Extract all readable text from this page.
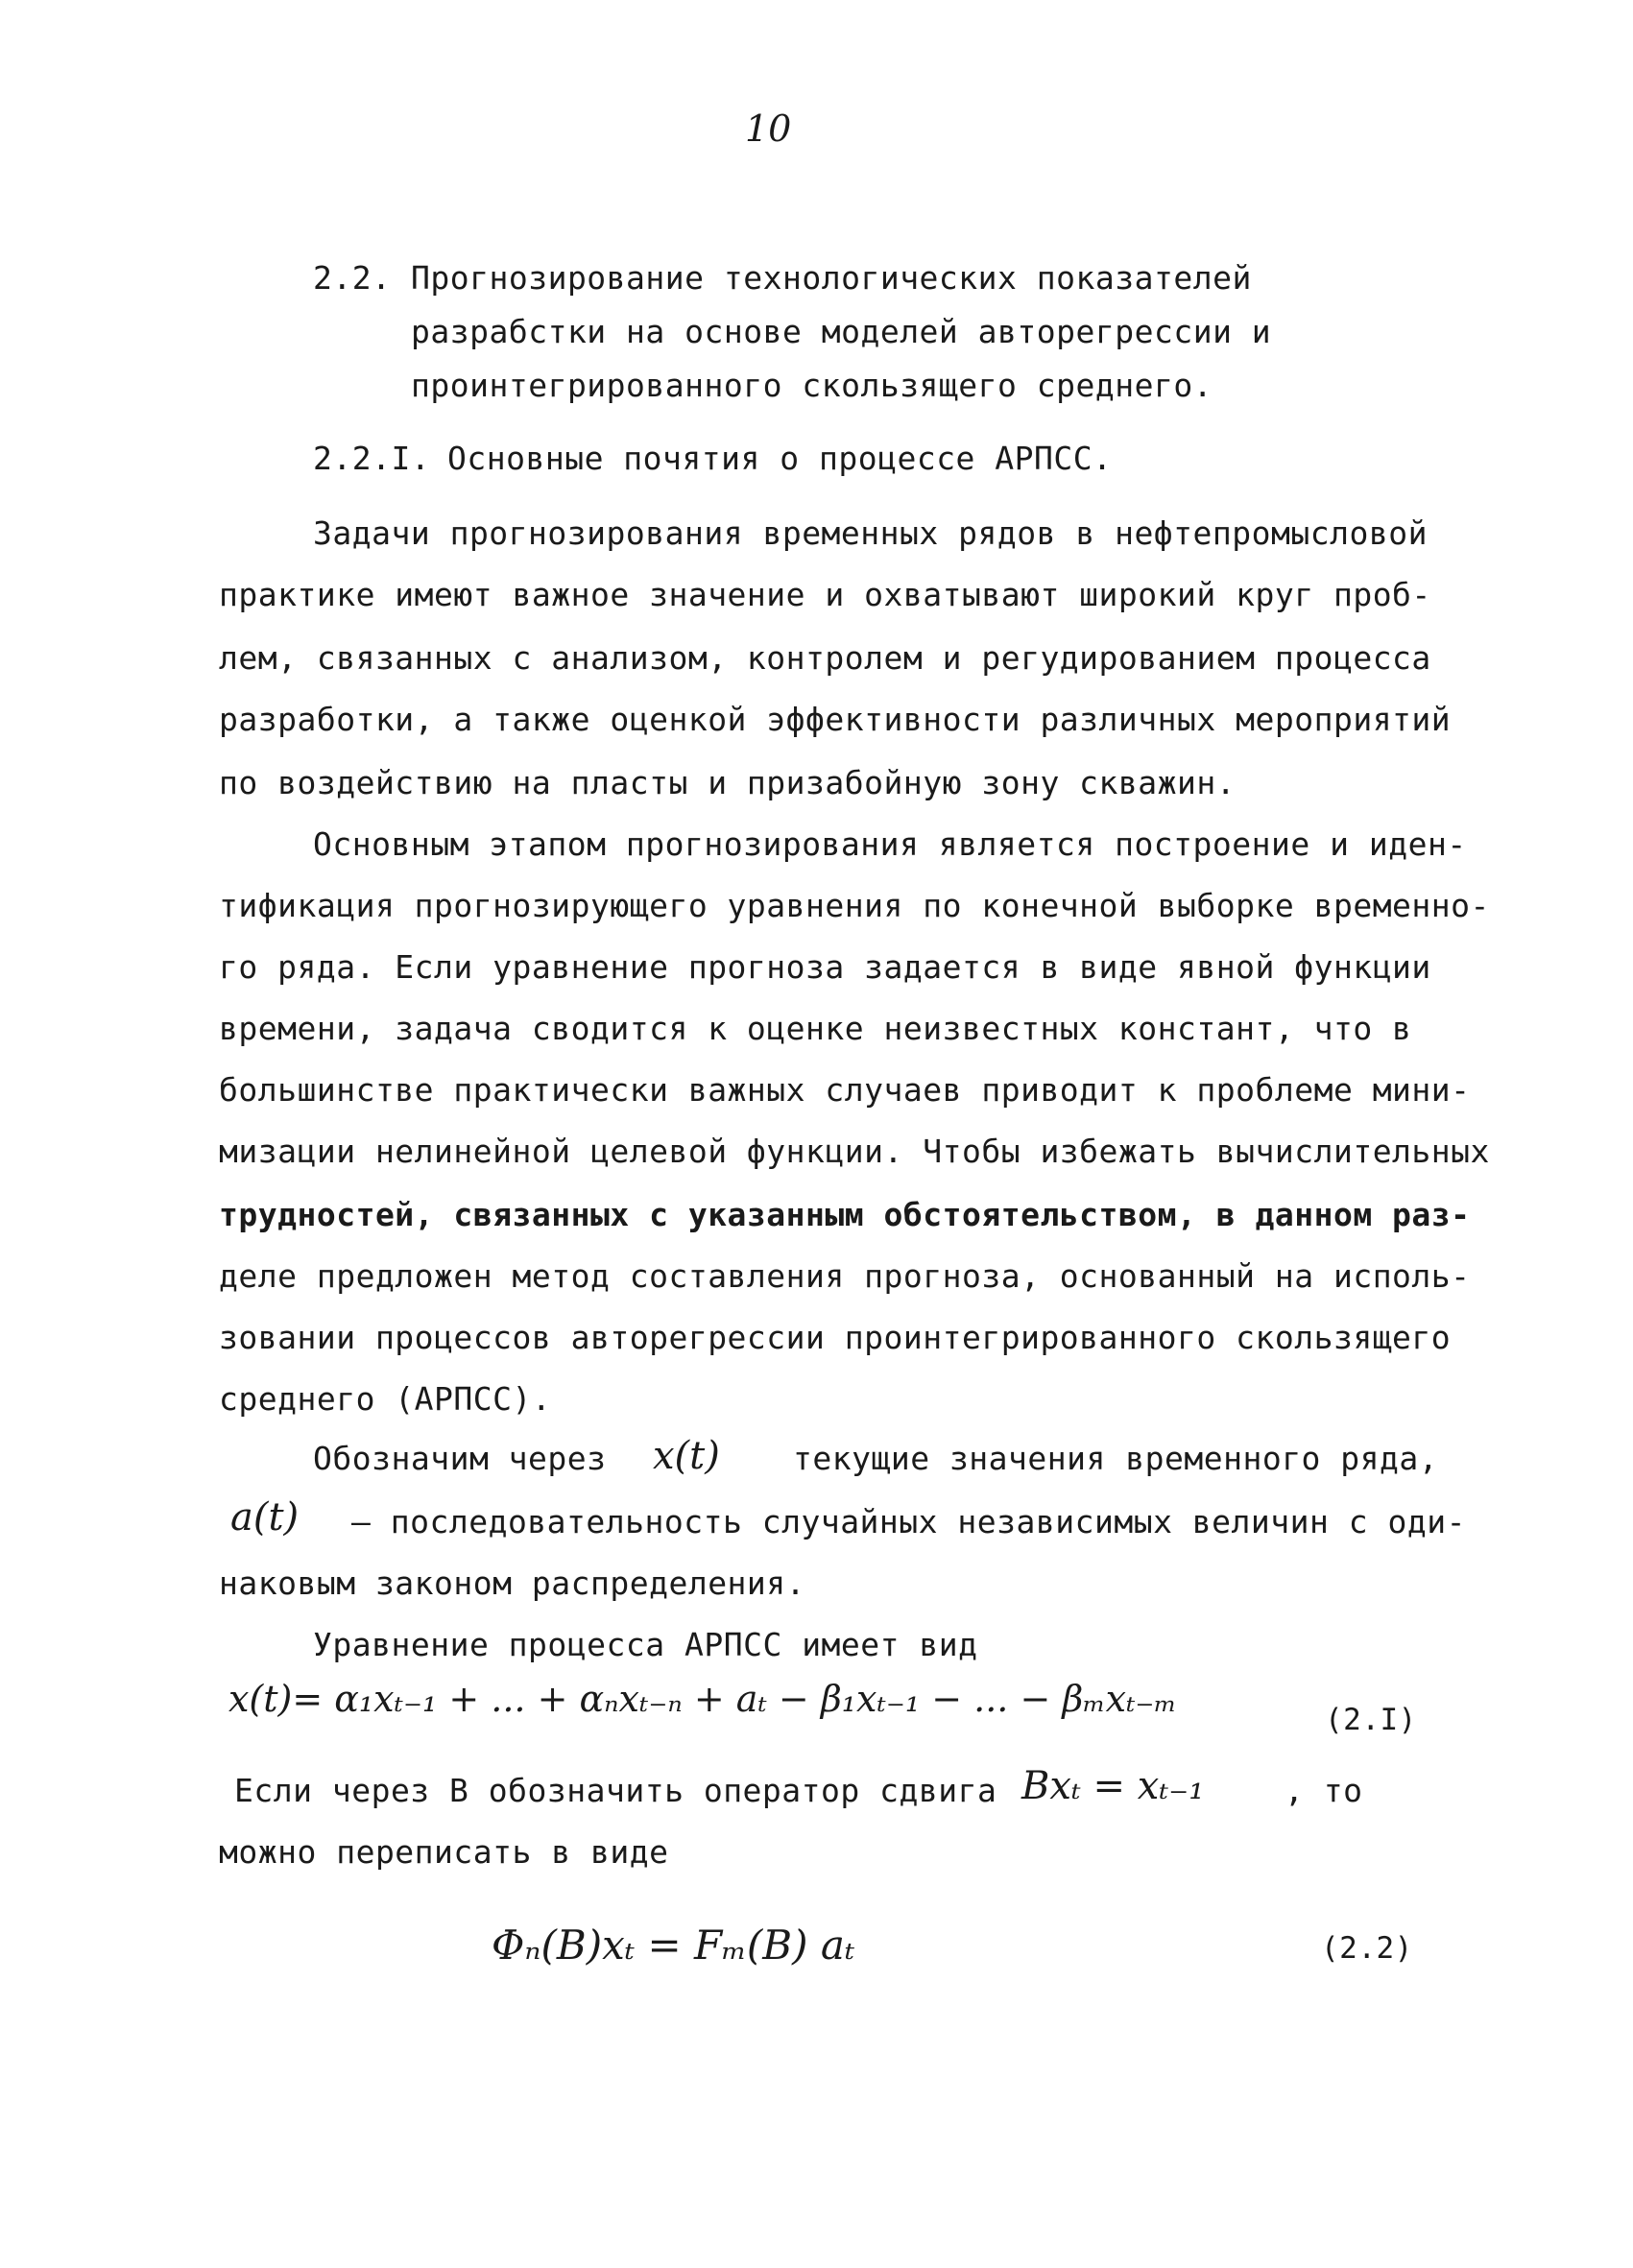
10
2.2. Прогнозирование технологических показателей
разрабстки на основе моделей авторегрессии и
проинтегрированного скользящего среднего.
2.2.I. Основные почятия о процессе АРПСС.
Задачи прогнозирования временных рядов в нефтепромысловой
практике имеют важное значение и охватывают широкий круг проб-
лем, связанных с анализом, контролем и регудированием процесса
разработки, а также оценкой эффективности различных мероприятий
по воздействию на пласты и призабойную зону скважин.
Основным этапом прогнозирования является построение и иден-
тификация прогнозирующего уравнения по конечной выборке временно-
го ряда. Если уравнение прогноза задается в виде явной функции
времени, задача сводится к оценке неизвестных констант, что в
большинстве практически важных случаев приводит к проблеме мини-
мизации нелинейной целевой функции. Чтобы избежать вычислительных
трудностей, связанных с указанным обстоятельством, в данном раз-
деле предложен метод составления прогноза, основанный на исполь-
зовании процессов авторегрессии проинтегрированного скользящего
среднего (АРПСС).
Обозначим через x(t) текущие значения временного ряда,
a(t) – последовательность случайных независимых величин с оди-
наковым законом распределения.
Уравнение процесса АРПСС имеет вид
x(t)= α₁xₜ₋₁ + ... + αₙxₜ₋ₙ + aₜ − β₁xₜ₋₁ − ... − βₘxₜ₋ₘ	(2.I)
Если через B обозначить оператор сдвига Bxₜ = xₜ₋₁	, то
можно переписать в виде
Φₙ(B)xₜ = Fₘ(B) aₜ	(2.2)
